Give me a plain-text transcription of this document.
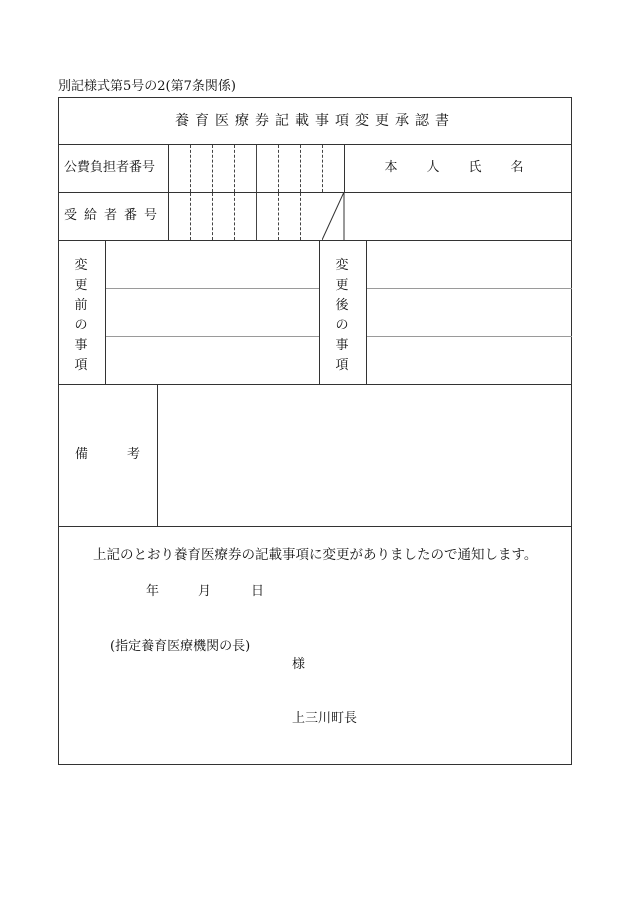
別記様式第5号の2(第7条関係)
養育医療券記載事項変更承認書
公費負担者番号	本　人　氏　名
受給者番号
変更前の事項
変更後の事項
備　　　考
上記のとおり養育医療券の記載事項に変更がありましたので通知します。
年	月	日
(指定養育医療機関の長)
様
上三川町長
